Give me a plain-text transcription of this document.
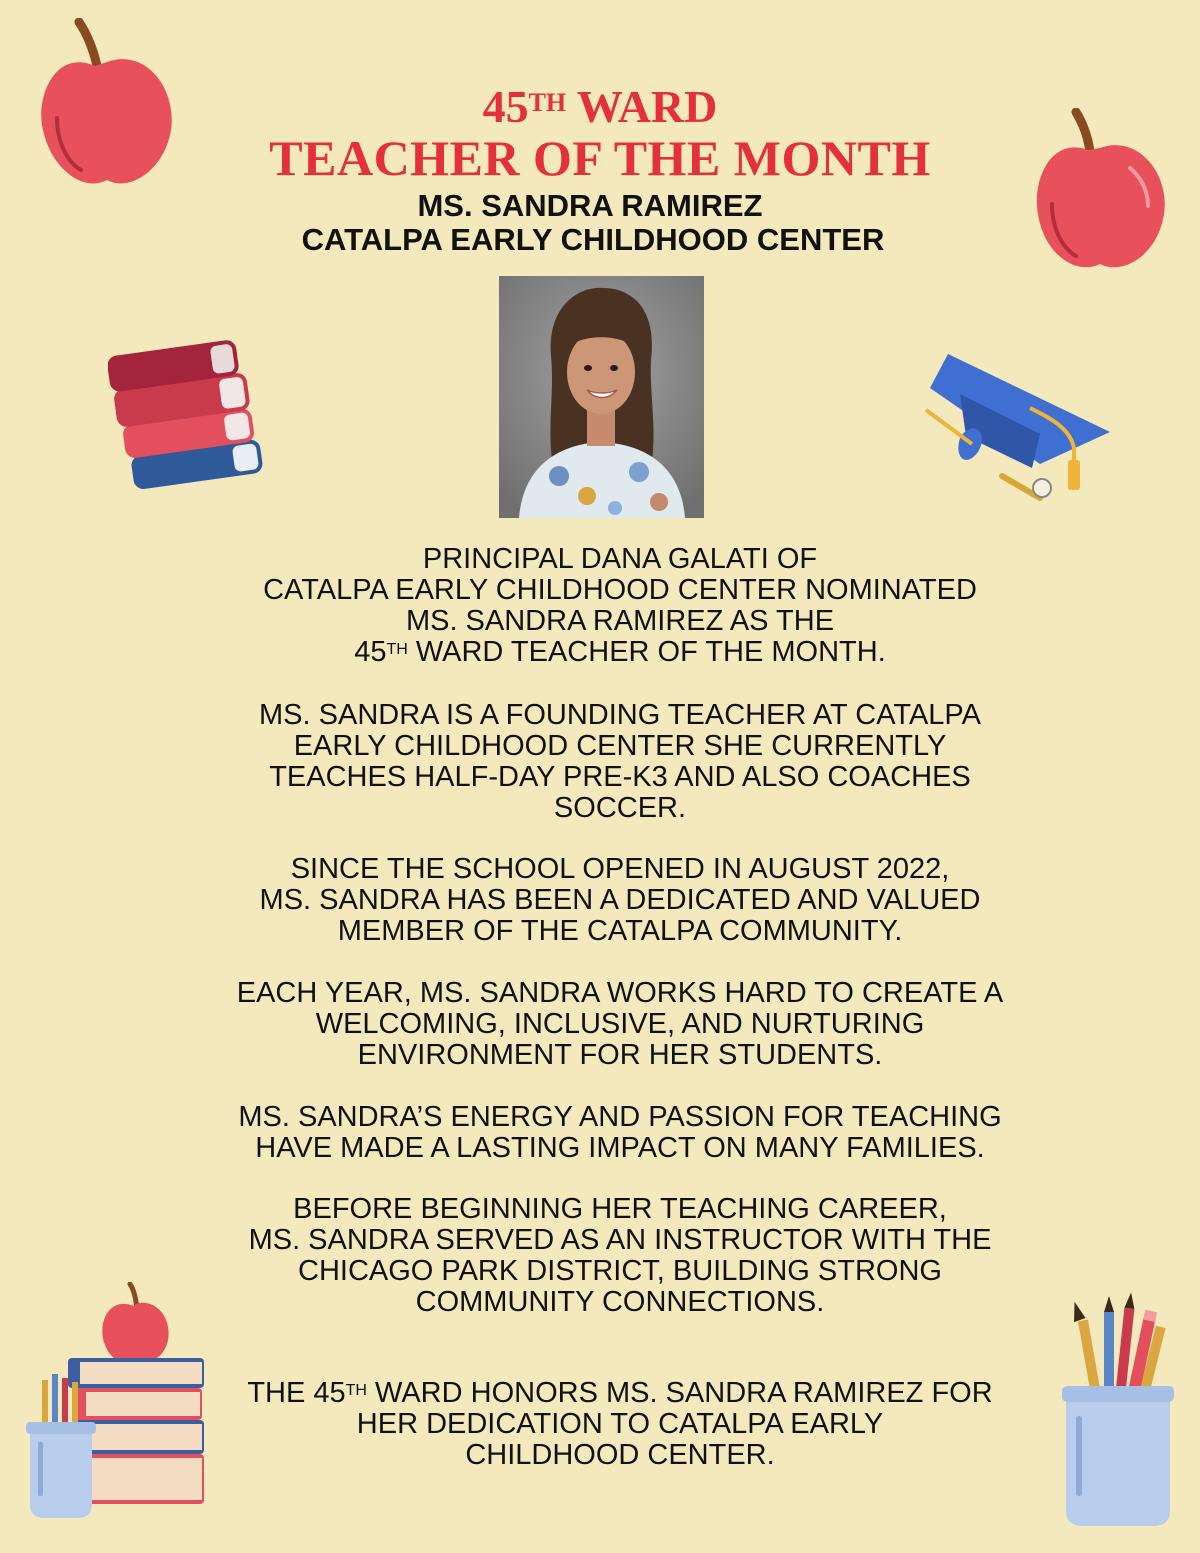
45TH WARD
TEACHER OF THE MONTH
MS. SANDRA RAMIREZ
CATALPA EARLY CHILDHOOD CENTER

PRINCIPAL DANA GALATI OF

CATALPA EARLY CHILDHOOD CENTER NOMINATED

MS. SANDRA RAMIREZ AS THE

45TH WARD TEACHER OF THE MONTH.

MS. SANDRA IS A FOUNDING TEACHER AT CATALPA

EARLY CHILDHOOD CENTER SHE CURRENTLY

TEACHES HALF-DAY PRE-K3 AND ALSO COACHES

SOCCER.

SINCE THE SCHOOL OPENED IN AUGUST 2022,

MS. SANDRA HAS BEEN A DEDICATED AND VALUED

MEMBER OF THE CATALPA COMMUNITY.

EACH YEAR, MS. SANDRA WORKS HARD TO CREATE A

WELCOMING, INCLUSIVE, AND NURTURING

ENVIRONMENT FOR HER STUDENTS.

MS. SANDRA’S ENERGY AND PASSION FOR TEACHING

HAVE MADE A LASTING IMPACT ON MANY FAMILIES.

BEFORE BEGINNING HER TEACHING CAREER,

MS. SANDRA SERVED AS AN INSTRUCTOR WITH THE

CHICAGO PARK DISTRICT, BUILDING STRONG

COMMUNITY CONNECTIONS.

THE 45TH WARD HONORS MS. SANDRA RAMIREZ FOR

HER DEDICATION TO CATALPA EARLY

CHILDHOOD CENTER.
